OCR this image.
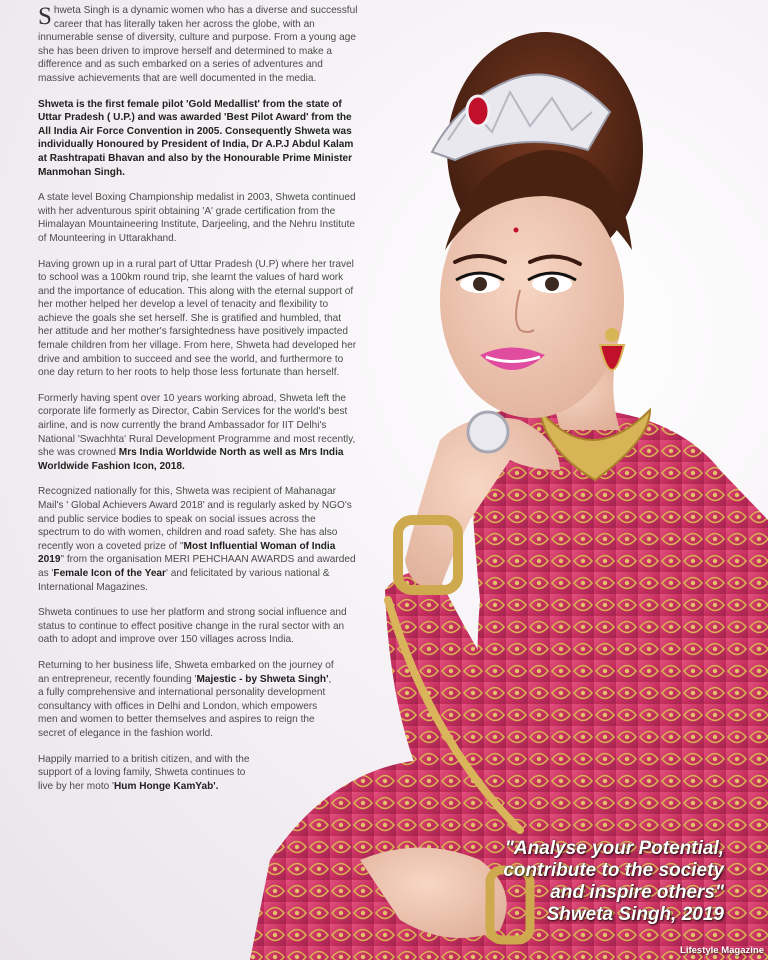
Shweta Singh is a dynamic women who has a diverse and successful career that has literally taken her across the globe, with an innumerable sense of diversity, culture and purpose. From a young age she has been driven to improve herself and determined to make a difference and as such embarked on a series of adventures and massive achievements that are well documented in the media.

Shweta is the first female pilot 'Gold Medallist' from the state of Uttar Pradesh ( U.P.) and was awarded 'Best Pilot Award' from the All India Air Force Convention in 2005. Consequently Shweta was individually Honoured by President of India, Dr A.P.J Abdul Kalam at Rashtrapati Bhavan and also by the Honourable Prime Minister Manmohan Singh.

A state level Boxing Championship medalist in 2003, Shweta continued with her adventurous spirit obtaining 'A' grade certification from the Himalayan Mountaineering Institute, Darjeeling, and the Nehru Institute of Mounteering in Uttarakhand.

Having grown up in a rural part of Uttar Pradesh (U.P) where her travel to school was a 100km round trip, she learnt the values of hard work and the importance of education. This along with the eternal support of her mother helped her develop a level of tenacity and flexibility to achieve the goals she set herself. She is gratified and humbled, that her attitude and her mother's farsightedness have positively impacted female children from her village. From here, Shweta had developed her drive and ambition to succeed and see the world, and furthermore to one day return to her roots to help those less fortunate than herself.

Formerly having spent over 10 years working abroad, Shweta left the corporate life formerly as Director, Cabin Services for the world's best airline, and is now currently the brand Ambassador for IIT Delhi's National 'Swachhta' Rural Development Programme and most recently, she was crowned Mrs India Worldwide North as well as Mrs India Worldwide Fashion Icon, 2018.

Recognized nationally for this, Shweta was recipient of Mahanagar Mail's ' Global Achievers Award 2018' and is regularly asked by NGO's and public service bodies to speak on social issues across the spectrum to do with women, children and road safety. She has also recently won a coveted prize of "Most Influential Woman of India 2019" from the organisation MERI PEHCHAAN AWARDS and awarded as 'Female Icon of the Year' and felicitated by various national & International Magazines.

Shweta continues to use her platform and strong social influence and status to continue to effect positive change in the rural sector with an oath to adopt and improve over 150 villages across India.

Returning to her business life, Shweta embarked on the journey of an entrepreneur, recently founding 'Majestic - by Shweta Singh', a fully comprehensive and international personality development consultancy with offices in Delhi and London, which empowers men and women to better themselves and aspires to reign the secret of elegance in the fashion world.

Happily married to a british citizen, and with the support of a loving family, Shweta continues to live by her moto 'Hum Honge KamYab'.

"Analyse your Potential,
contribute to the society
and inspire others"
Shweta Singh, 2019
Lifestyle Magazine
